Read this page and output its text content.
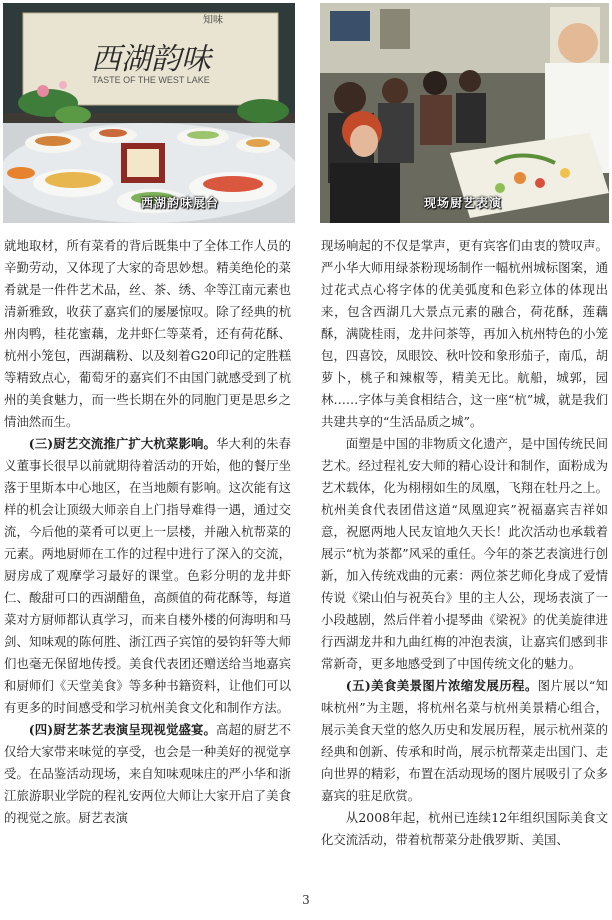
TASTE OF THE WEST LAKE
西湖韵味
知味
西湖韵味展台	现场厨艺表演

就地取材，所有菜肴的背后既集中了全体工作人员的辛勤劳动，又体现了大家的奇思妙想。精美绝伦的菜肴就是一件件艺术品，丝、茶、绣、伞等江南元素也清新雅致，收获了嘉宾们的屡屡惊叹。除了经典的杭州肉鸭，桂花蜜藕，龙井虾仁等菜肴，还有荷花酥、杭州小笼包，西湖藕粉、以及刻着G20印记的定胜糕等精致点心，葡萄牙的嘉宾们不由国门就感受到了杭州的美食魅力，而一些长期在外的同胞门更是思乡之情油然而生。

(三)厨艺交流推广扩大杭菜影响。华大利的朱春义董事长很早以前就期待着活动的开始，他的餐厅坐落于里斯本中心地区，在当地颇有影响。这次能有这样的机会让顶级大师亲自上门指导难得一遇，通过交流，今后他的菜肴可以更上一层楼，并融入杭帮菜的元素。两地厨师在工作的过程中进行了深入的交流，厨房成了观摩学习最好的课堂。色彩分明的龙井虾仁、酸甜可口的西湖醋鱼，高颜值的荷花酥等，每道菜对方厨师都认真学习，而来自楼外楼的何海明和马剑、知味观的陈何胜、浙江西子宾馆的晏钧轩等大师们也毫无保留地传授。美食代表团还赠送给当地嘉宾和厨师们《天堂美食》等多种书籍资料，让他们可以有更多的时间感受和学习杭州美食文化和制作方法。

(四)厨艺茶艺表演呈现视觉盛宴。高超的厨艺不仅给大家带来味觉的享受，也会是一种美好的视觉享受。在品鉴活动现场，来自知味观味庄的严小华和浙江旅游职业学院的程礼安两位大师让大家开启了美食的视觉之旅。厨艺表演

现场响起的不仅是掌声，更有宾客们由衷的赞叹声。严小华大师用绿茶粉现场制作一幅杭州城标图案，通过花式点心将字体的优美弧度和色彩立体的体现出来，包含西湖几大景点元素的融合，荷花酥，莲藕酥，满陇桂雨，龙井问茶等，再加入杭州特色的小笼包，四喜饺，凤眼饺、秋叶饺和象形茄子，南瓜，胡萝卜，桃子和辣椒等，精美无比。航船，城郭，园林……字体与美食相结合，这一座“杭”城，就是我们共建共享的“生活品质之城”。

面塑是中国的非物质文化遗产，是中国传统民间艺术。经过程礼安大师的精心设计和制作，面粉成为艺术载体，化为栩栩如生的凤凰，飞翔在牡丹之上。杭州美食代表团借这道“凤凰迎宾”祝福嘉宾吉祥如意，祝愿两地人民友谊地久天长！此次活动也承载着展示“杭为茶都”风采的重任。今年的茶艺表演进行创新，加入传统戏曲的元素：两位茶艺师化身成了爱情传说《梁山伯与祝英台》里的主人公，现场表演了一小段越剧，然后伴着小提琴曲《梁祝》的优美旋律进行西湖龙井和九曲红梅的冲泡表演，让嘉宾们感到非常新奇，更多地感受到了中国传统文化的魅力。

(五)美食美景图片浓缩发展历程。图片展以“知味杭州”为主题，将杭州名菜与杭州美景精心组合，展示美食天堂的悠久历史和发展历程，展示杭州菜的经典和创新、传承和时尚，展示杭帮菜走出国门、走向世界的精彩，布置在活动现场的图片展吸引了众多嘉宾的驻足欣赏。

从2008年起，杭州已连续12年组织国际美食文化交流活动，带着杭帮菜分赴俄罗斯、美国、

3
